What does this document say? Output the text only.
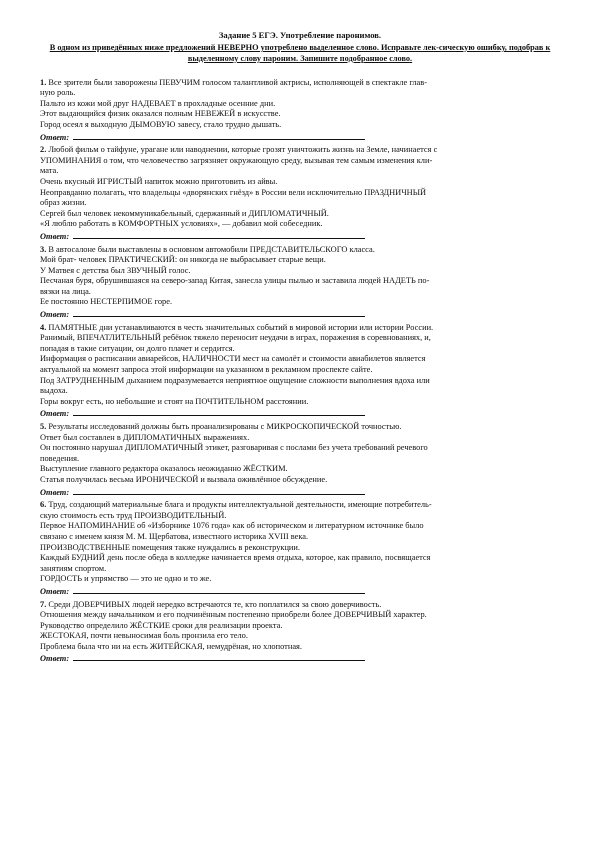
Задание 5 ЕГЭ. Употребление паронимов.
В одном из приведённых ниже предложений НЕВЕРНО употреблено выделенное слово. Исправьте лек-сическую ошибку, подобрав к выделенному слову пароним. Запишите подобранное слово.
1. Все зрители были заворожены ПЕВУЧИМ голосом талантливой актрисы, исполняющей в спектакле глав-
ную роль.
Пальто из кожи мой друг НАДЕВАЕТ в прохладные осенние дни.
Этот выдающийся физик оказался полным НЕВЕЖЕЙ в искусстве.
Город осеял я выходную ДЫМОВУЮ завесу, стало трудно дышать.
Ответ:
2. Любой фильм о тайфуне, ураганe или наводнении, которые грозят уничтожить жизнь на Земле, начинается с
УПОМИНАНИЯ о том, что человечество загрязняет окружающую среду, вызывая тем самым изменения кли-
мата.
Очень вкусный ИГРИСТЫЙ напиток можно приготовить из айвы.
Неоправданно полагать, что владельцы «дворянских гнёзд» в России вели исключительно ПРАЗДНИЧНЫЙ
образ жизни.
Сергей был человек некоммуникабельный, сдержанный и ДИПЛОМАТИЧНЫЙ.
«Я люблю работать в КОМФОРТНЫХ условиях», — добавил мой собеседник.
Ответ:
3. В автосалоне были выставлены в основном автомобили ПРЕДСТАВИТЕЛЬСКОГО класса.
Мой брат- человек ПРАКТИЧЕСКИЙ: он никогда не выбрасывает старые вещи.
У Матвея с детства был ЗВУЧНЫЙ голос.
Песчаная буря, обрушившаяся на северо-запад Китая, занесла улицы пылью и заставила людей НАДЕТЬ по-
вязки на лица.
Ее постоянно НЕСТЕРПИМОЕ горе.
Ответ:
4. ПАМЯТНЫЕ дни устанавливаются в честь значительных событий в мировой истории или истории России.
Ранимый, ВПЕЧАТЛИТЕЛЬНЫЙ ребёнок тяжело переносит неудачи в играх, поражения в соревнованиях, и,
попадая в такие ситуации, он долго плачет и сердится.
Информация о расписании авиарейсов, НАЛИЧНОСТИ мест на самолёт и стоимости авиабилетов является
актуальной на момент запроса этой информации на указанном в рекламном проспекте сайте.
Под ЗАТРУДНЕННЫМ дыханием подразумевается неприятное ощущение сложности выполнения вдоха или
выдоха.
Горы вокруг есть, но небольшие и стоят на ПОЧТИТЕЛЬНОМ расстоянии.
Ответ:
5. Результаты исследований должны быть проанализированы с МИКРОСКОПИЧЕСКОЙ точностью.
Ответ был составлен в ДИПЛОМАТИЧНЫХ выражениях.
Он постоянно нарушал ДИПЛОМАТИЧНЫЙ этикет, разговаривая с послами без учета требований речевого
поведения.
Выступление главного редактора оказалось неожиданно ЖЁСТКИМ.
Статья получилась весьма ИРОНИЧЕСКОЙ и вызвала оживлённое обсуждение.
Ответ:
6. Труд, создающий материальные блага и продукты интеллектуальной деятельности, имеющие потребитель-
скую стоимость есть труд ПРОИЗВОДИТЕЛЬНЫЙ.
Первое НАПОМИНАНИЕ об «Изборнике 1076 года» как об историческом и литературном источнике было
связано с именем князя М. М. Щербатова, известного историка XVIII века.
ПРОИЗВОДСТВЕННЫЕ помещения также нуждались в реконструкции.
Каждый БУДНИЙ день после обеда в колледже начинается время отдыха, которое, как правило, посвящается
занятиям спортом.
ГОРДОСТЬ и упрямство — это не одно и то же.
Ответ:
7. Среди ДОВЕРЧИВЫХ людей нередко встречаются те, кто поплатился за свою доверчивость.
Отношения между начальником и его подчинённым постепенно приобрели более ДОВЕРЧИВЫЙ характер.
Руководство определило ЖЁСТКИЕ сроки для реализации проекта.
ЖЕСТОКАЯ, почти невыносимая боль пронзила его тело.
Проблема была что ни на есть ЖИТЕЙСКАЯ, немудрёная, но хлопотная.
Ответ:
